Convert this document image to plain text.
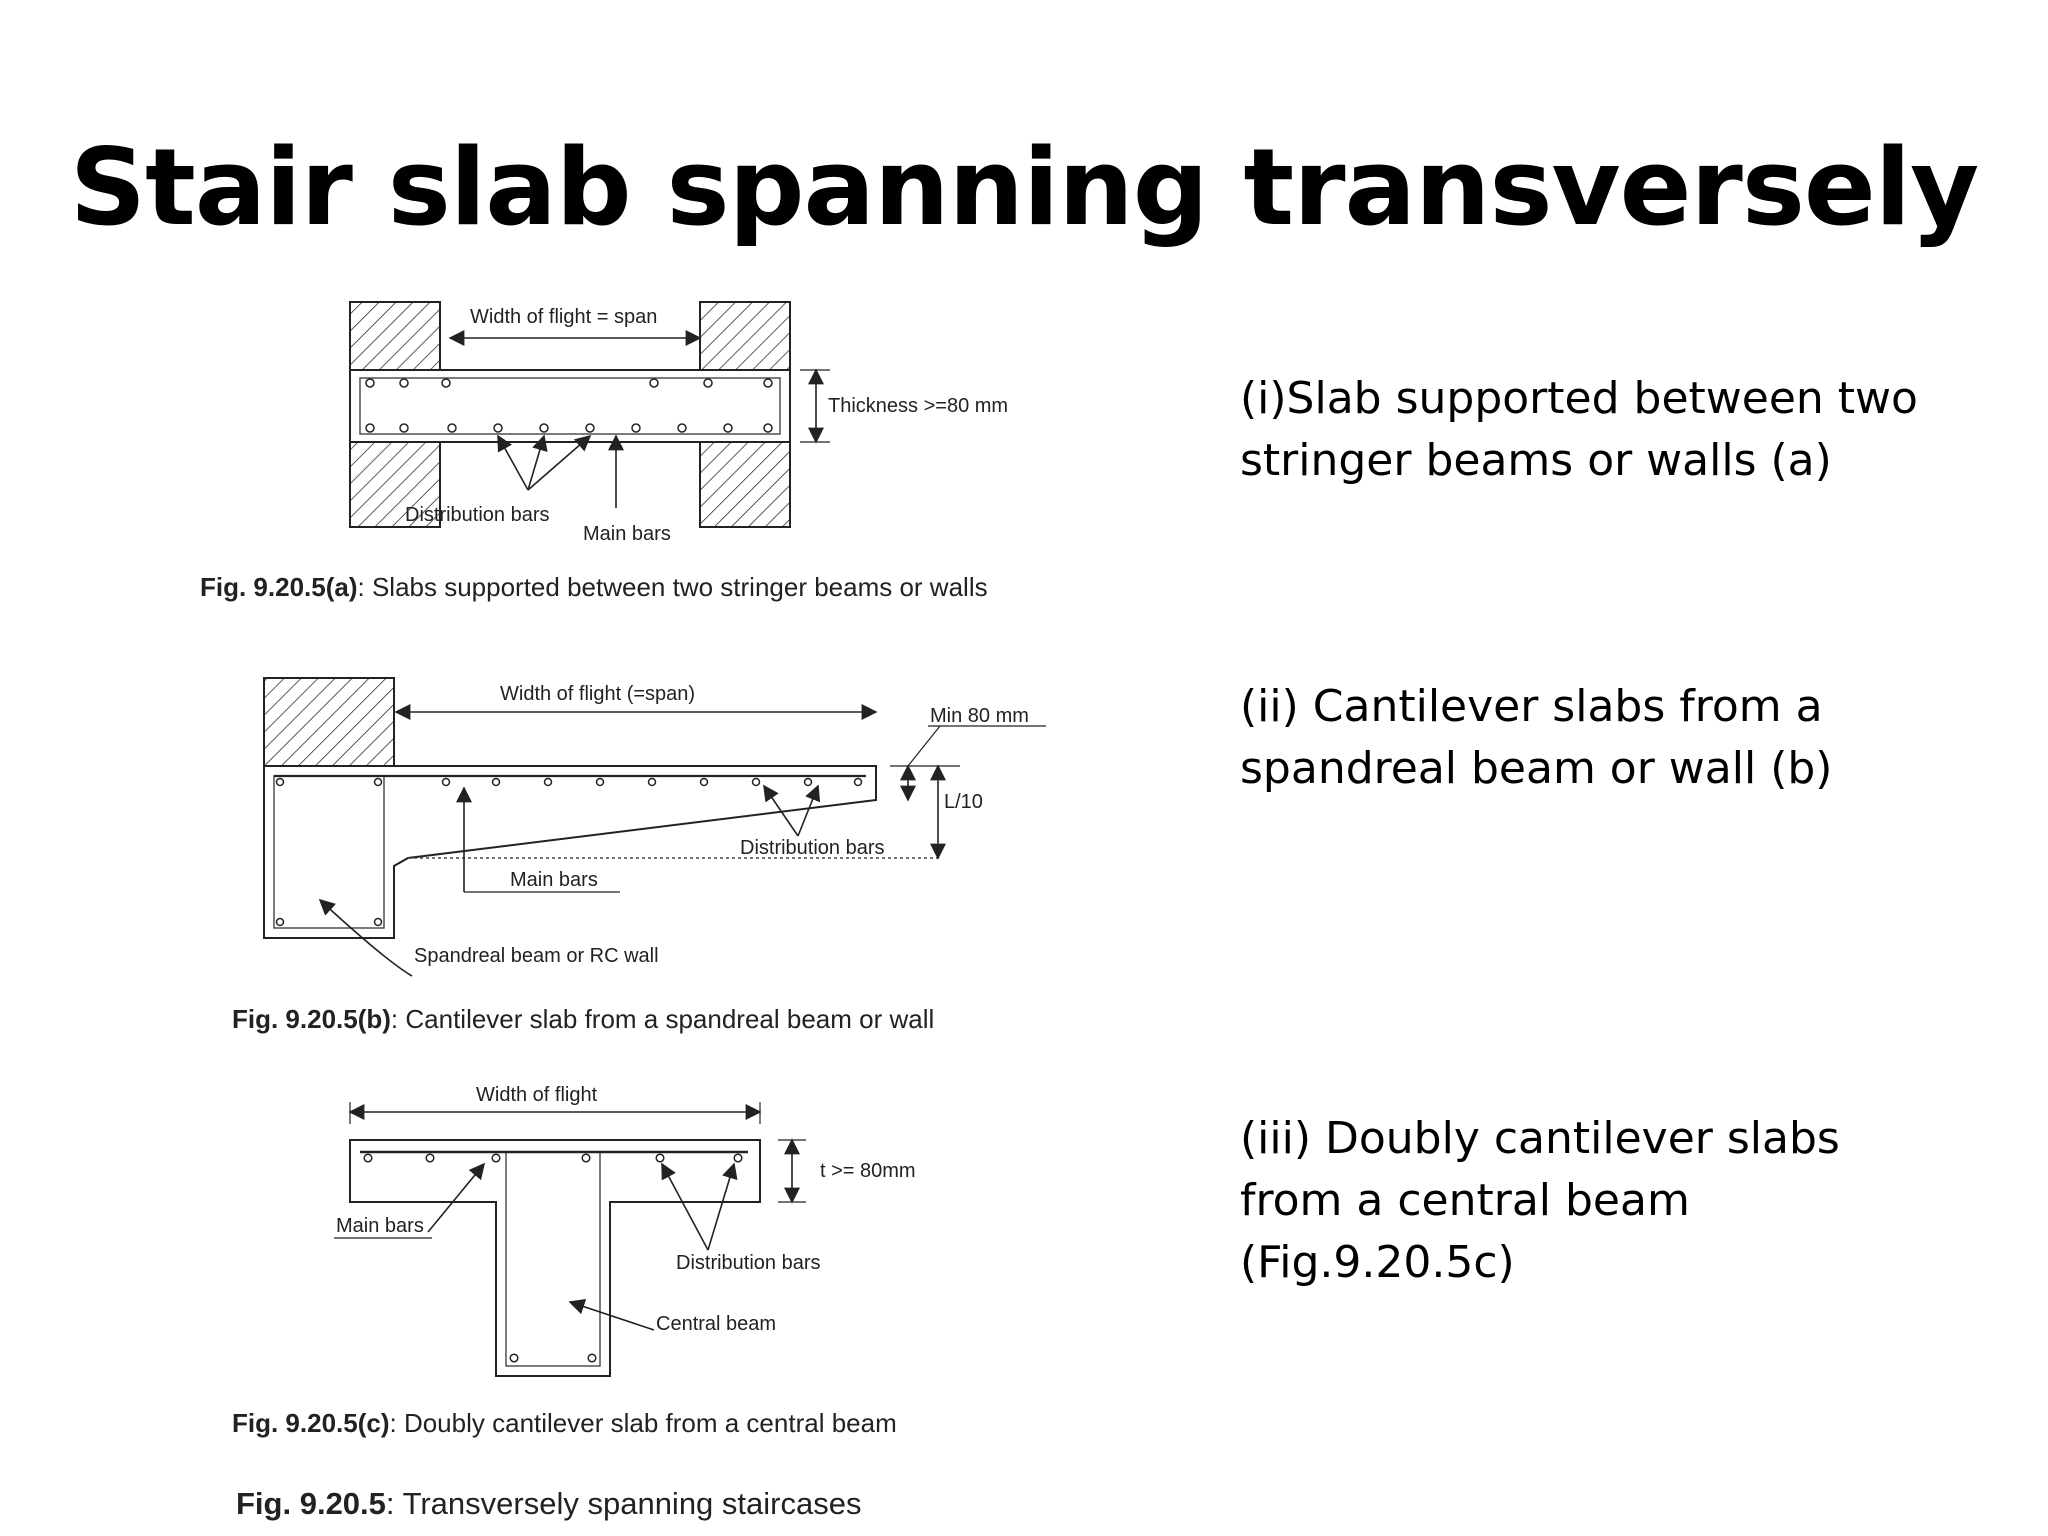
Stair slab spanning transversely
Width of flight = span
Thickness >=80 mm
Distribution bars
Main bars
Fig. 9.20.5(a): Slabs supported between two stringer beams or walls
Width of flight (=span)
Min 80 mm
L/10
Distribution bars
Main bars
Spandreal beam or RC wall
Fig. 9.20.5(b): Cantilever slab from a spandreal beam or wall
Width of flight
t >= 80mm
Main bars
Distribution bars
Central beam
Fig. 9.20.5(c): Doubly cantilever slab from a central beam
Fig. 9.20.5: Transversely spanning staircases
(i)Slab supported between two
stringer beams or walls (a)
(ii) Cantilever slabs from a
spandreal beam or wall (b)
(iii) Doubly cantilever slabs
from a central beam
(Fig.9.20.5c)
